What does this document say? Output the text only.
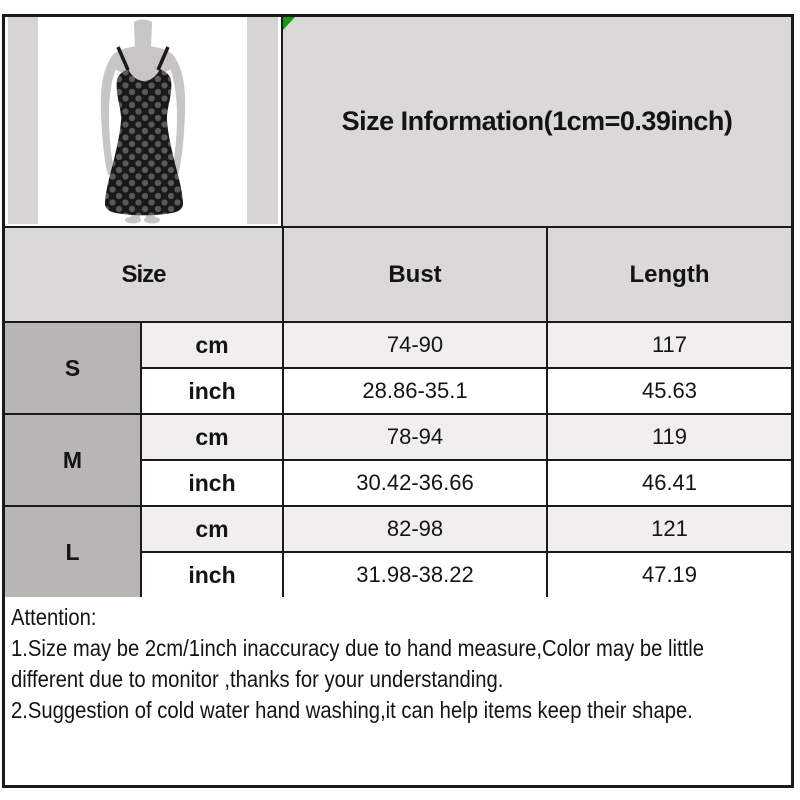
Size Information(1cm=0.39inch)
Size		Bust	Length
S	cm	74-90	117
	inch	28.86-35.1	45.63
M	cm	78-94	119
	inch	30.42-36.66	46.41
L	cm	82-98	121
	inch	31.98-38.22	47.19
Attention:
1.Size may be 2cm/1inch inaccuracy due to hand measure,Color may be little
different due to monitor ,thanks for your understanding.
2.Suggestion of cold water hand washing,it can help items keep their shape.
